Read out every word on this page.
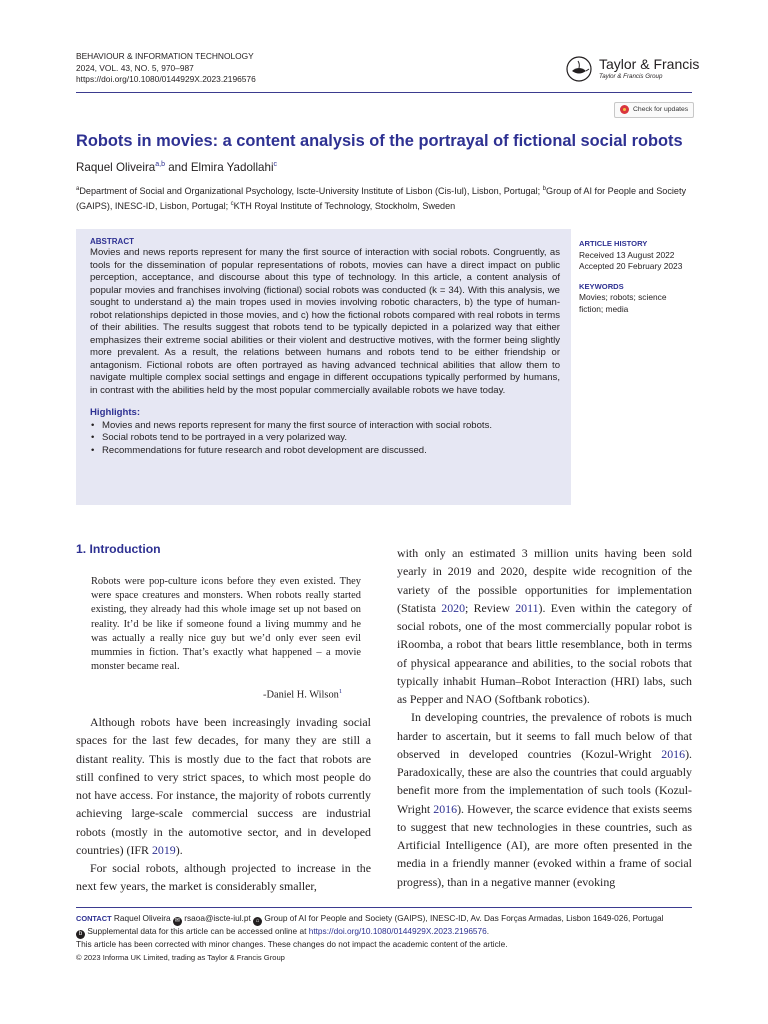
BEHAVIOUR & INFORMATION TECHNOLOGY
2024, VOL. 43, NO. 5, 970–987
https://doi.org/10.1080/0144929X.2023.2196576
Taylor & Francis
Taylor & Francis Group
Check for updates
Robots in movies: a content analysis of the portrayal of fictional social robots
Raquel Oliveira$^{a,b}$ and Elmira Yadollahi$^c$
$^a$Department of Social and Organizational Psychology, Iscte-University Institute of Lisbon (Cis-Iul), Lisbon, Portugal; $^b$Group of AI for People and Society (GAIPS), INESC-ID, Lisbon, Portugal; $^c$KTH Royal Institute of Technology, Stockholm, Sweden
ABSTRACT
Movies and news reports represent for many the first source of interaction with social robots. Congruently, as tools for the dissemination of popular representations of robots, movies can have a direct impact on public perception, acceptance, and discourse about this type of technology. In this article, a content analysis of popular movies and franchises involving (fictional) social robots was conducted (k = 34). With this analysis, we sought to understand a) the main tropes used in movies involving robotic characters, b) the type of human-robot relationships depicted in those movies, and c) how the fictional robots compared with real robots in terms of their abilities. The results suggest that robots tend to be typically depicted in a polarized way that either emphasizes their extreme social abilities or their violent and destructive motives, with the former being slightly more prevalent. As a result, the relations between humans and robots tend to be either friendship or antagonism. Fictional robots are often portrayed as having advanced technical abilities that allow them to navigate multiple complex social settings and engage in different occupations typically performed by humans, in contrast with the abilities held by the most popular commercially available robots we have today.
Highlights:
• Movies and news reports represent for many the first source of interaction with social robots.
• Social robots tend to be portrayed in a very polarized way.
• Recommendations for future research and robot development are discussed.
ARTICLE HISTORY
Received 13 August 2022
Accepted 20 February 2023
KEYWORDS
Movies; robots; science
fiction; media
1. Introduction
Robots were pop-culture icons before they even existed. They were space creatures and monsters. When robots really started existing, they already had this whole image set up not based on reality. It’d be like if someone found a living mummy and he was actually a really nice guy but we’d only ever seen evil mummies in fiction. That’s exactly what happened – a movie monster became real.
-Daniel H. Wilson$^1$

Although robots have been increasingly invading social spaces for the last few decades, for many they are still a distant reality. This is mostly due to the fact that robots are still confined to very strict spaces, to which most people do not have access. For instance, the majority of robots currently achieving large-scale commercial success are industrial robots (mostly in the automotive sector, and in developed countries) (IFR 2019).

For social robots, although projected to increase in the next few years, the market is considerably smaller,

with only an estimated 3 million units having been sold yearly in 2019 and 2020, despite wide recognition of the variety of the possible opportunities for implementation (Statista 2020; Review 2011). Even within the category of social robots, one of the most commercially popular robot is iRoomba, a robot that bears little resemblance, both in terms of physical appearance and abilities, to the social robots that typically inhabit Human–Robot Interaction (HRI) labs, such as Pepper and NAO (Softbank robotics).

In developing countries, the prevalence of robots is much harder to ascertain, but it seems to fall much below of that observed in developed countries (Kozul-Wright 2016). Paradoxically, these are also the countries that could arguably benefit more from the implementation of such tools (Kozul-Wright 2016). However, the scarce evidence that exists seems to suggest that new technologies in these countries, such as Artificial Intelligence (AI), are more often presented in the media in a friendly manner (evoked within a frame of social progress), than in a negative manner (evoking

CONTACT Raquel Oliveira ✉ rsaoa@iscte-iul.pt ⌂ Group of AI for People and Society (GAIPS), INESC-ID, Av. Das Forças Armadas, Lisbon 1649-026, Portugal
b Supplemental data for this article can be accessed online at https://doi.org/10.1080/0144929X.2023.2196576.
This article has been corrected with minor changes. These changes do not impact the academic content of the article.
© 2023 Informa UK Limited, trading as Taylor & Francis Group
